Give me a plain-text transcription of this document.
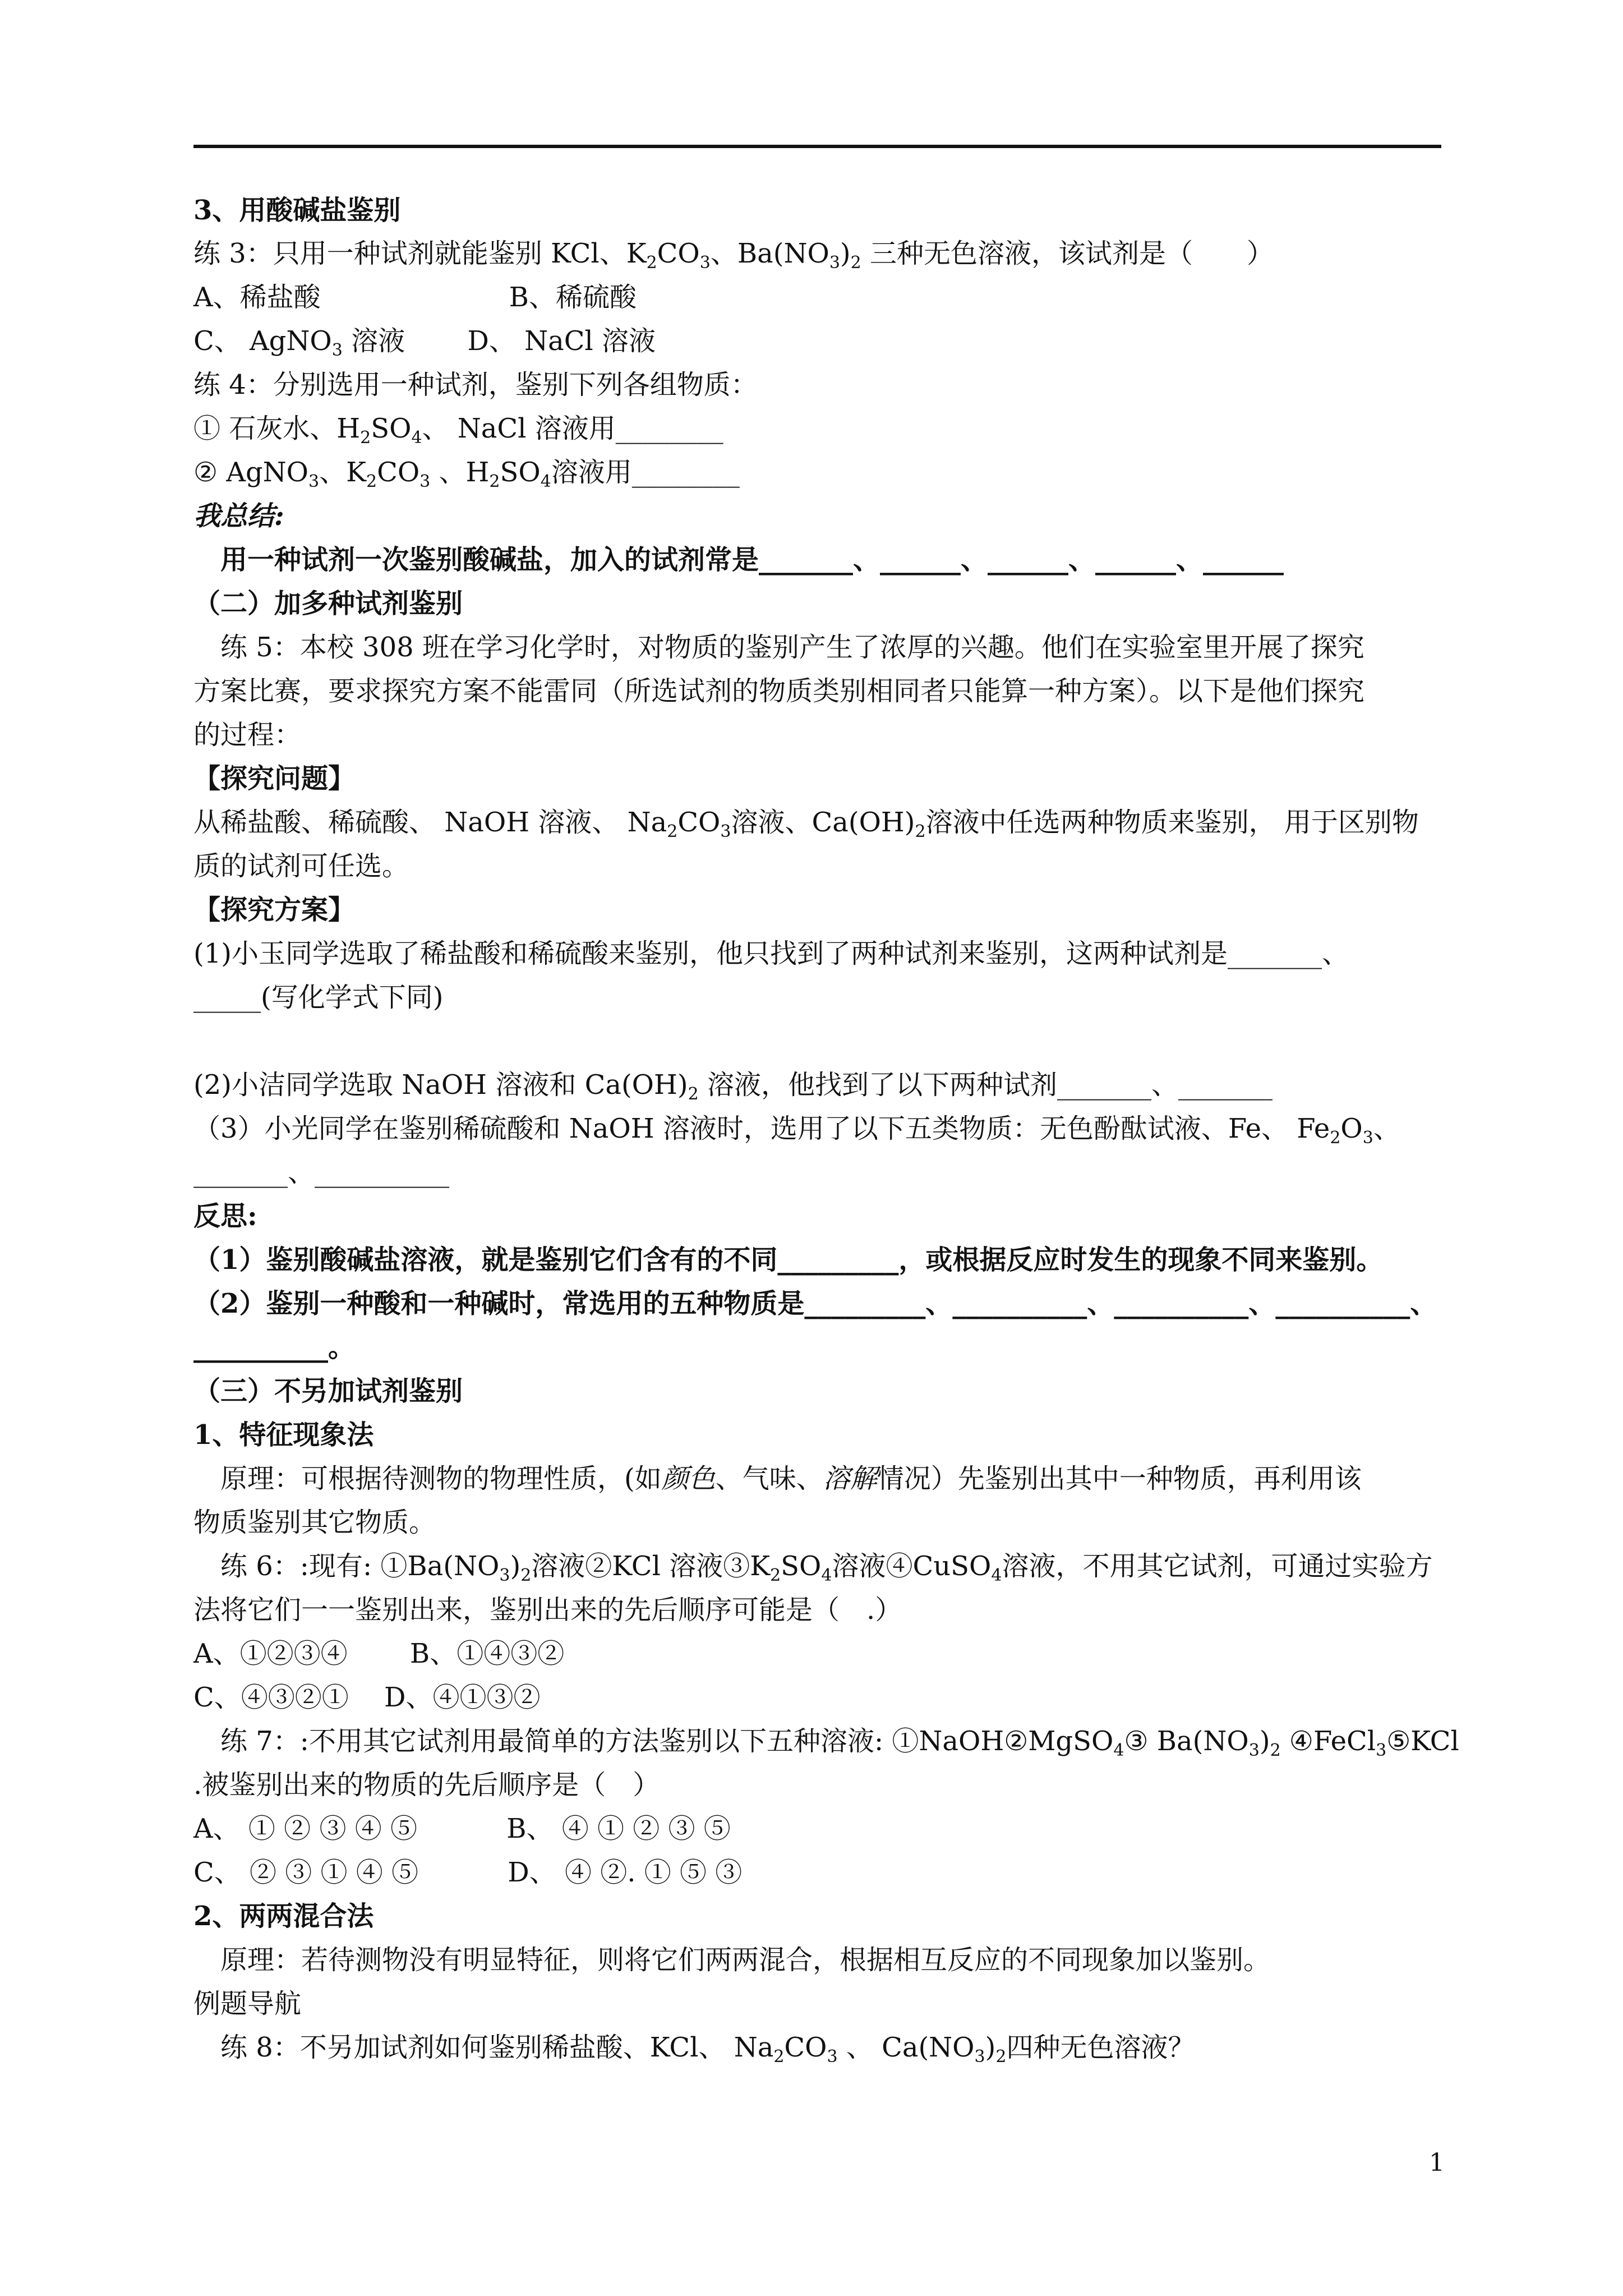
3、用酸碱盐鉴别
练 3：只用一种试剂就能鉴别 KCl、$K_2CO_3$、$Ba(NO_3)_2$ 三种无色溶液，该试剂是（　　）
A、稀盐酸　　　　　　　B、稀硫酸
C、 AgNO$_3$ 溶液　　 D、 NaCl 溶液
练 4：分别选用一种试剂，鉴别下列各组物质：
① 石灰水、$H_2SO_4$、 NaCl 溶液用________
② AgNO$_3$、$K_2CO_3$ 、$H_2SO_4$溶液用________
我总结:
　用一种试剂一次鉴别酸碱盐，加入的试剂常是_______、______、______、______、______
（二）加多种试剂鉴别
　练 5：本校 308 班在学习化学时，对物质的鉴别产生了浓厚的兴趣。他们在实验室里开展了探究
方案比赛，要求探究方案不能雷同（所选试剂的物质类别相同者只能算一种方案）。以下是他们探究
的过程：
【探究问题】
从稀盐酸、稀硫酸、 NaOH 溶液、 $Na_2CO_3$溶液、$Ca(OH)_2$溶液中任选两种物质来鉴别， 用于区别物
质的试剂可任选。
【探究方案】
(1)小玉同学选取了稀盐酸和稀硫酸来鉴别，他只找到了两种试剂来鉴别，这两种试剂是_______、
_____(写化学式下同)
(2)小洁同学选取 NaOH 溶液和 $Ca(OH)_2$ 溶液，他找到了以下两种试剂_______、_______
（3）小光同学在鉴别稀硫酸和 NaOH 溶液时，选用了以下五类物质：无色酚酞试液、Fe、 $Fe_2O_3$、
_______、__________
反思:
（1）鉴别酸碱盐溶液，就是鉴别它们含有的不同_________，或根据反应时发生的现象不同来鉴别。
（2）鉴别一种酸和一种碱时，常选用的五种物质是_________、__________、__________、__________、
__________。
（三）不另加试剂鉴别
1、特征现象法
　原理：可根据待测物的物理性质，(如颜色、气味、溶解情况）先鉴别出其中一种物质，再利用该
物质鉴别其它物质。
　练 6：:现有: $①Ba(NO_3)_2$溶液②KCl 溶液$③K_2SO_4$溶液④CuSO$_4$溶液，不用其它试剂，可通过实验方
法将它们一一鉴别出来，鉴别出来的先后顺序可能是（　.）
A、①②③④　　 B、①④③②
C、④③②①　 D、④①③②
　练 7：:不用其它试剂用最简单的方法鉴别以下五种溶液: ①NaOH②MgSO$_4$③ $Ba(NO_3)_2$ ④FeCl$_3$⑤KCl
.被鉴别出来的物质的先后顺序是（　）
A、 ① ② ③ ④ ⑤　　　 B、 ④ ① ② ③ ⑤
C、 ② ③ ① ④ ⑤　　　 D、 ④ ②. ① ⑤ ③
2、两两混合法
　原理：若待测物没有明显特征，则将它们两两混合，根据相互反应的不同现象加以鉴别。
例题导航
　练 8：不另加试剂如何鉴别稀盐酸、KCl、 $Na_2CO_3$ 、 $Ca(NO_3)_2$四种无色溶液？
1
